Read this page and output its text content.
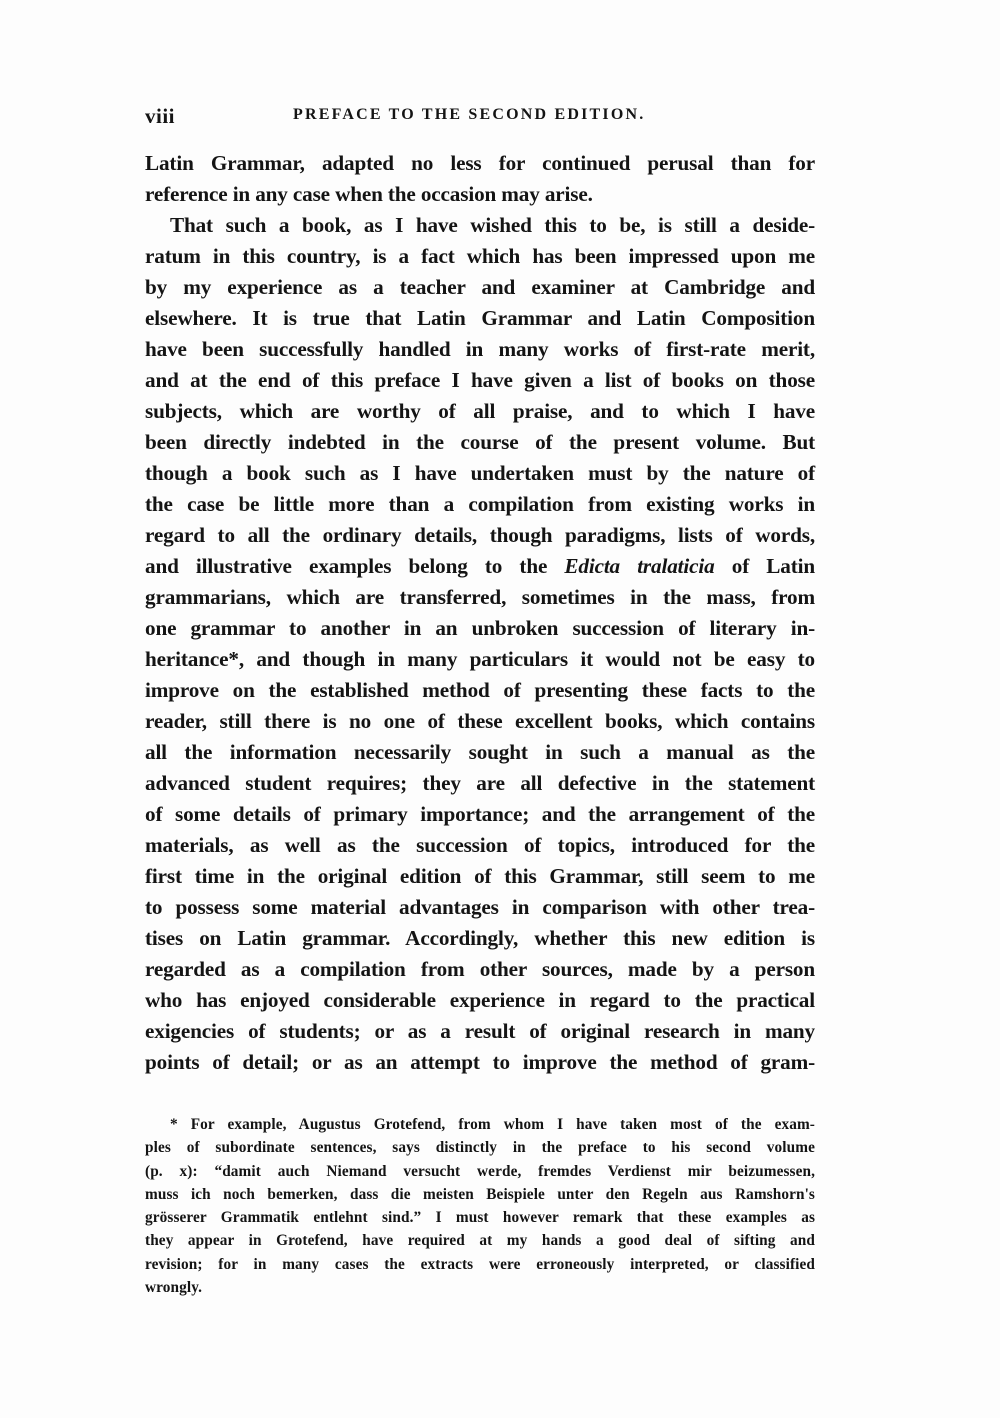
viii	PREFACE TO THE SECOND EDITION.
Latin Grammar, adapted no less for continued perusal than for
reference in any case when the occasion may arise.
That such a book, as I have wished this to be, is still a deside-
ratum in this country, is a fact which has been impressed upon me
by my experience as a teacher and examiner at Cambridge and
elsewhere. It is true that Latin Grammar and Latin Composition
have been successfully handled in many works of first-rate merit,
and at the end of this preface I have given a list of books on those
subjects, which are worthy of all praise, and to which I have
been directly indebted in the course of the present volume. But
though a book such as I have undertaken must by the nature of
the case be little more than a compilation from existing works in
regard to all the ordinary details, though paradigms, lists of words,
and illustrative examples belong to the Edicta tralaticia of Latin
grammarians, which are transferred, sometimes in the mass, from
one grammar to another in an unbroken succession of literary in-
heritance*, and though in many particulars it would not be easy to
improve on the established method of presenting these facts to the
reader, still there is no one of these excellent books, which contains
all the information necessarily sought in such a manual as the
advanced student requires; they are all defective in the statement
of some details of primary importance; and the arrangement of the
materials, as well as the succession of topics, introduced for the
first time in the original edition of this Grammar, still seem to me
to possess some material advantages in comparison with other trea-
tises on Latin grammar. Accordingly, whether this new edition is
regarded as a compilation from other sources, made by a person
who has enjoyed considerable experience in regard to the practical
exigencies of students; or as a result of original research in many
points of detail; or as an attempt to improve the method of gram-
* For example, Augustus Grotefend, from whom I have taken most of the exam-
ples of subordinate sentences, says distinctly in the preface to his second volume
(p. x): “damit auch Niemand versucht werde, fremdes Verdienst mir beizumessen,
muss ich noch bemerken, dass die meisten Beispiele unter den Regeln aus Ramshorn's
grösserer Grammatik entlehnt sind.” I must however remark that these examples as
they appear in Grotefend, have required at my hands a good deal of sifting and
revision; for in many cases the extracts were erroneously interpreted, or classified
wrongly.
